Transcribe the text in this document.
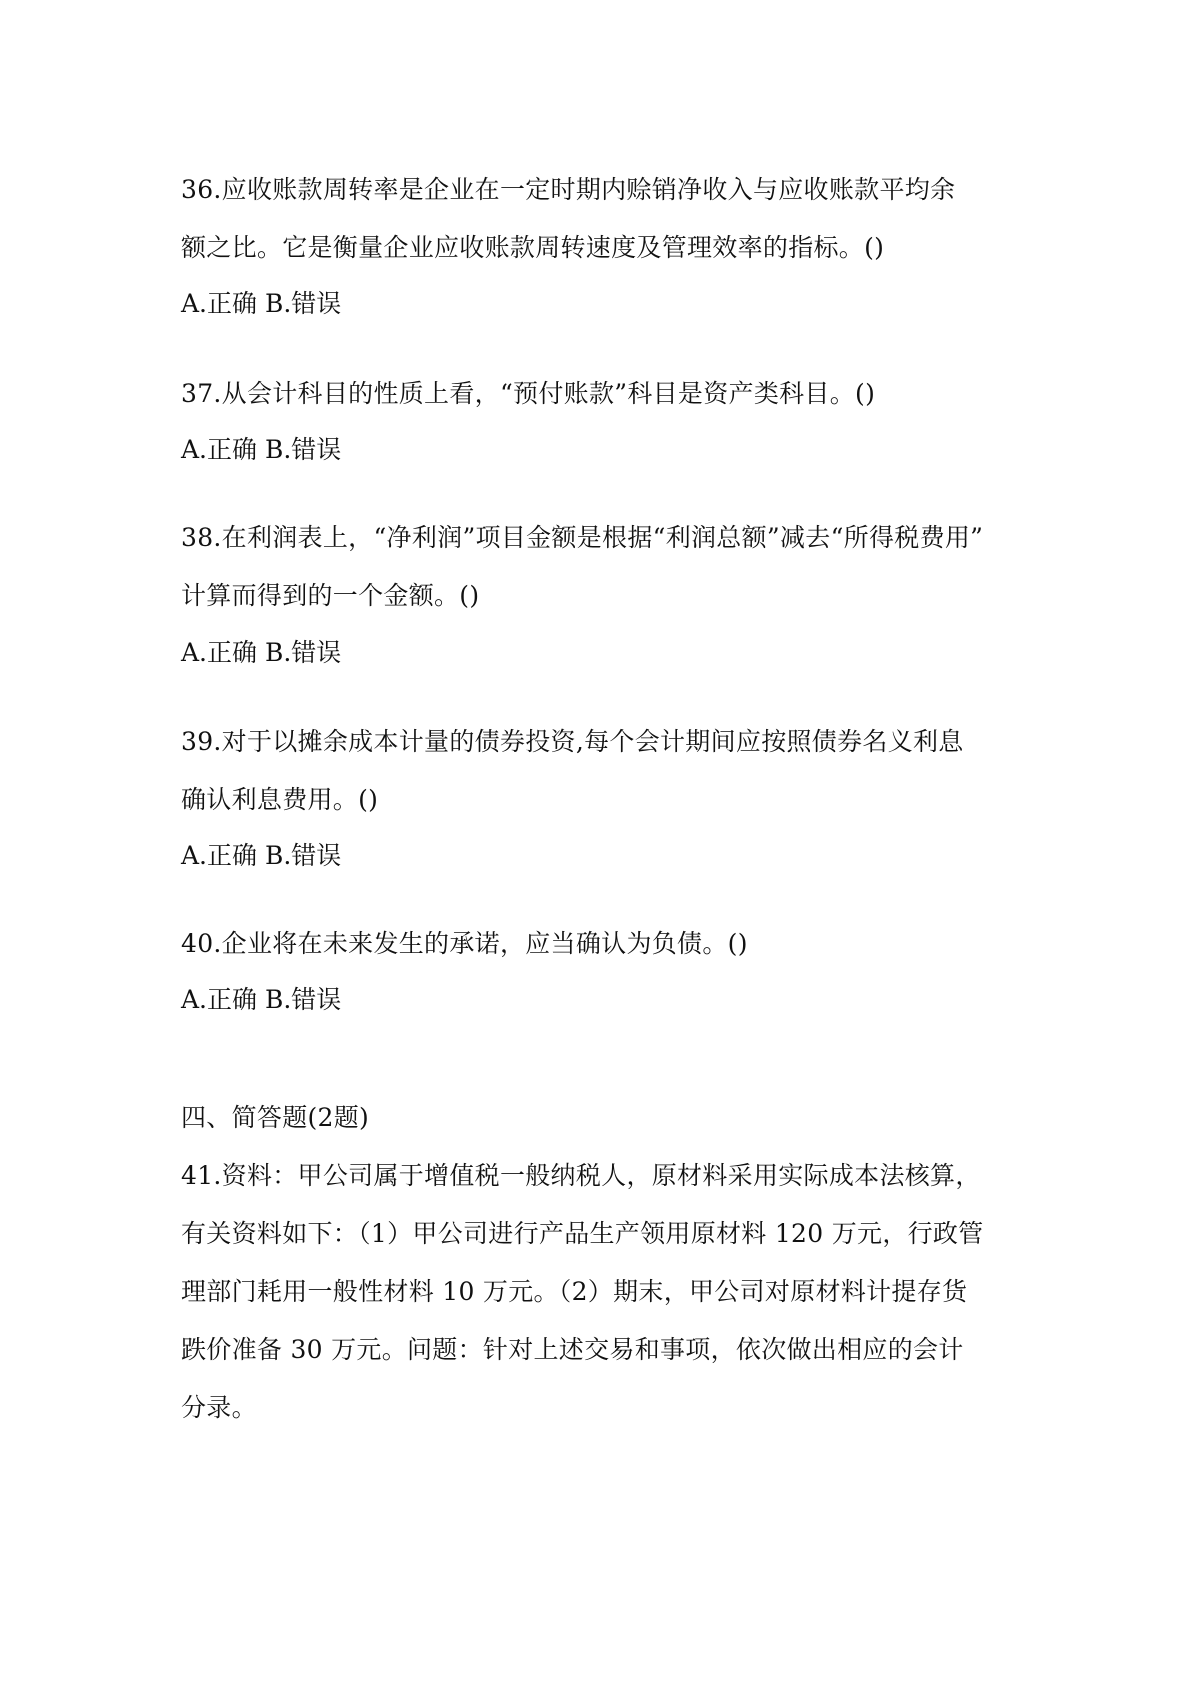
36.应收账款周转率是企业在一定时期内赊销净收入与应收账款平均余
额之比。它是衡量企业应收账款周转速度及管理效率的指标。()
A.正确 B.错误
37.从会计科目的性质上看，“预付账款”科目是资产类科目。()
A.正确 B.错误
38.在利润表上，“净利润”项目金额是根据“利润总额”减去“所得税费用”
计算而得到的一个金额。()
A.正确 B.错误
39.对于以摊余成本计量的债券投资,每个会计期间应按照债券名义利息
确认利息费用。()
A.正确 B.错误
40.企业将在未来发生的承诺，应当确认为负债。()
A.正确 B.错误
四、简答题(2题)
41.资料：甲公司属于增值税一般纳税人，原材料采用实际成本法核算，
有关资料如下：（1）甲公司进行产品生产领用原材料 120 万元，行政管
理部门耗用一般性材料 10 万元。（2）期末，甲公司对原材料计提存货
跌价准备 30 万元。问题：针对上述交易和事项，依次做出相应的会计
分录。
